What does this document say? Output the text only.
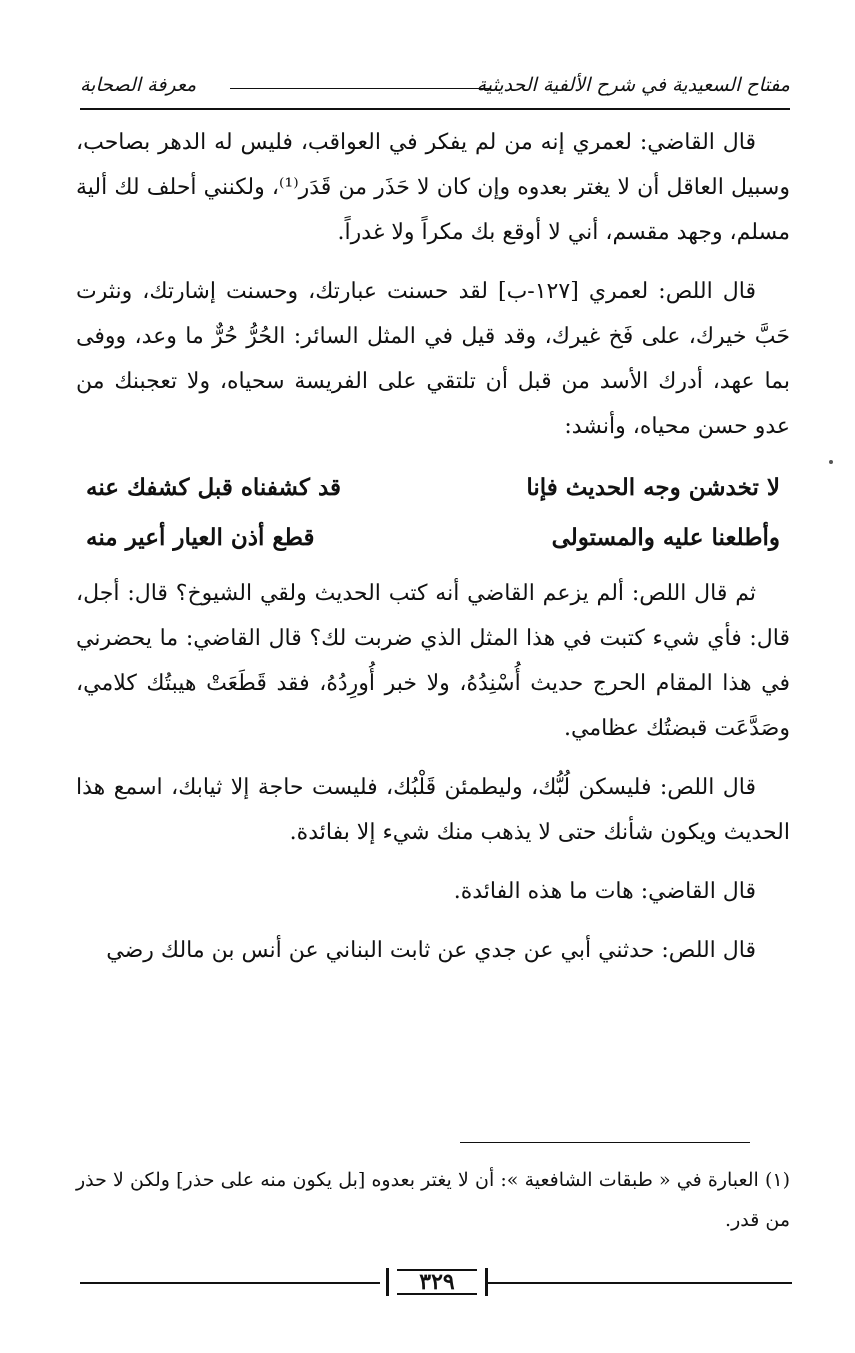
مفتاح السعيدية في شرح الألفية الحديثية
معرفة الصحابة

قال القاضي: لعمري إنه من لم يفكر في العواقب، فليس له الدهر بصاحب، وسبيل العاقل أن لا يغتر بعدوه وإن كان لا حَذَر من قَدَر⁽¹⁾، ولكنني أحلف لك ألية مسلم، وجهد مقسم، أني لا أوقع بك مكراً ولا غدراً.

قال اللص: لعمري [١٢٧-ب] لقد حسنت عبارتك، وحسنت إشارتك، ونثرت حَبَّ خيرك، على فَخ غيرك، وقد قيل في المثل السائر: الحُرُّ حُرٌّ ما وعد، ووفى بما عهد، أدرك الأسد من قبل أن تلتقي على الفريسة سحياه، ولا تعجبنك من عدو حسن محياه، وأنشد:

لا تخدشن وجه الحديث فإنا
قد كشفناه قبل كشفك عنه
وأطلعنا عليه والمستولى
قطع أذن العيار أعير منه

ثم قال اللص: ألم يزعم القاضي أنه كتب الحديث ولقي الشيوخ؟ قال: أجل، قال: فأي شيء كتبت في هذا المثل الذي ضربت لك؟ قال القاضي: ما يحضرني في هذا المقام الحرج حديث أُسْنِدُهُ، ولا خبر أُورِدُهُ، فقد قَطَعَتْ هيبتُك كلامي، وصَدَّعَت قبضتُك عظامي.

قال اللص: فليسكن لُبُّك، وليطمئن قَلْبُك، فليست حاجة إلا ثيابك، اسمع هذا الحديث ويكون شأنك حتى لا يذهب منك شيء إلا بفائدة.

قال القاضي: هات ما هذه الفائدة.

قال اللص: حدثني أبي عن جدي عن ثابت البناني عن أنس بن مالك رضي

(١) العبارة في « طبقات الشافعية »: أن لا يغتر بعدوه [بل يكون منه على حذر] ولكن لا حذر من قدر.
٣٢٩
